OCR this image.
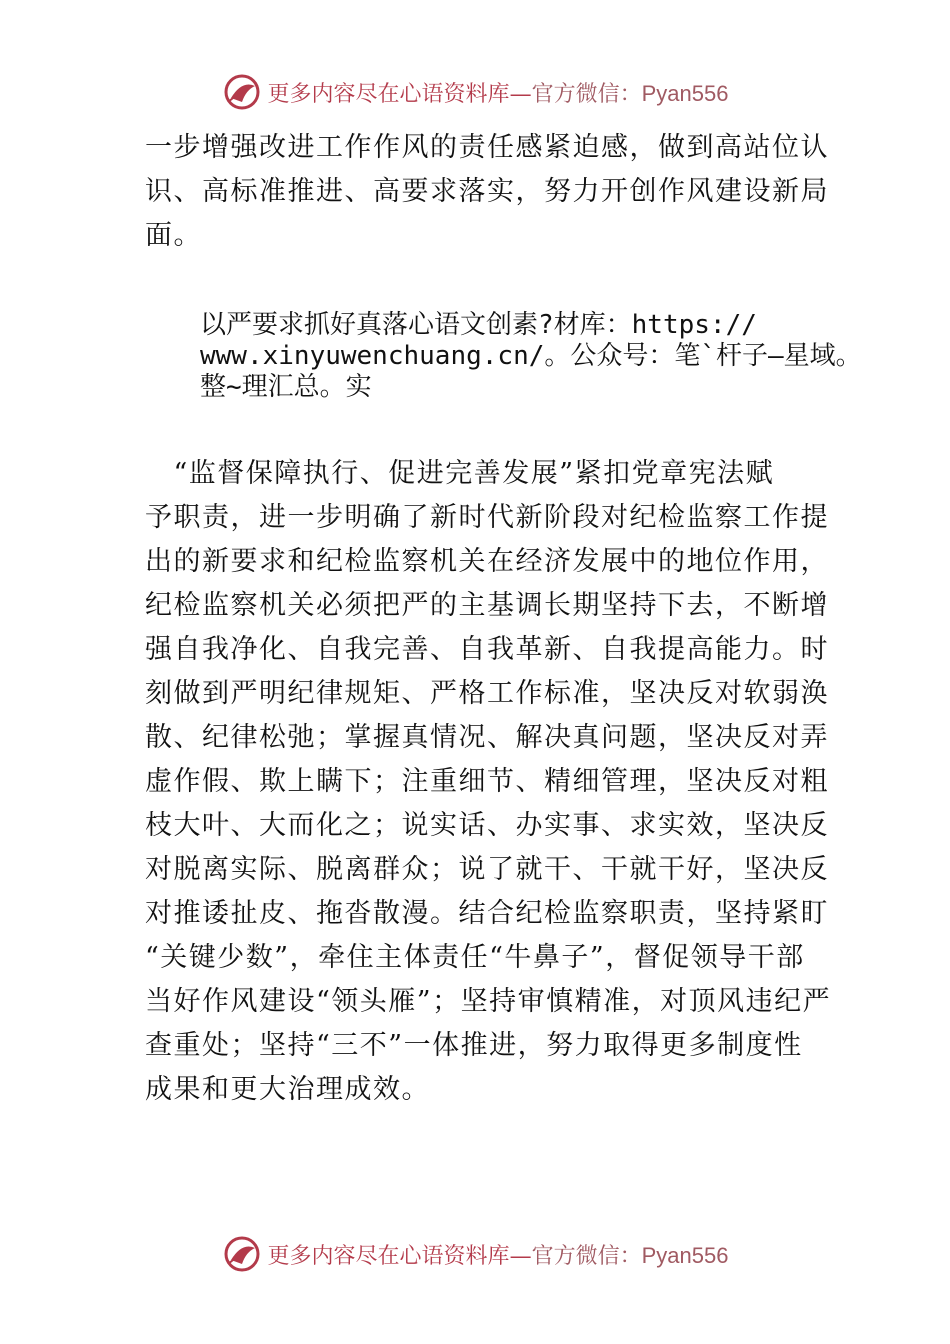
更多内容尽在心语资料库—官方微信：Pyan556
一步增强改进工作作风的责任感紧迫感，做到高站位认
识、高标准推进、高要求落实，努力开创作风建设新局
面。
以严要求抓好真落心语文创素?材库：https://
www.xinyuwenchuang.cn/。公众号：笔`杆子—星域。
整~理汇总。实
　“监督保障执行、促进完善发展”紧扣党章宪法赋
予职责，进一步明确了新时代新阶段对纪检监察工作提
出的新要求和纪检监察机关在经济发展中的地位作用，
纪检监察机关必须把严的主基调长期坚持下去，不断增
强自我净化、自我完善、自我革新、自我提高能力。时
刻做到严明纪律规矩、严格工作标准，坚决反对软弱涣
散、纪律松弛；掌握真情况、解决真问题，坚决反对弄
虚作假、欺上瞒下；注重细节、精细管理，坚决反对粗
枝大叶、大而化之；说实话、办实事、求实效，坚决反
对脱离实际、脱离群众；说了就干、干就干好，坚决反
对推诿扯皮、拖沓散漫。结合纪检监察职责，坚持紧盯
“关键少数”，牵住主体责任“牛鼻子”，督促领导干部
当好作风建设“领头雁”；坚持审慎精准，对顶风违纪严
查重处；坚持“三不”一体推进，努力取得更多制度性
成果和更大治理成效。
更多内容尽在心语资料库—官方微信：Pyan556
